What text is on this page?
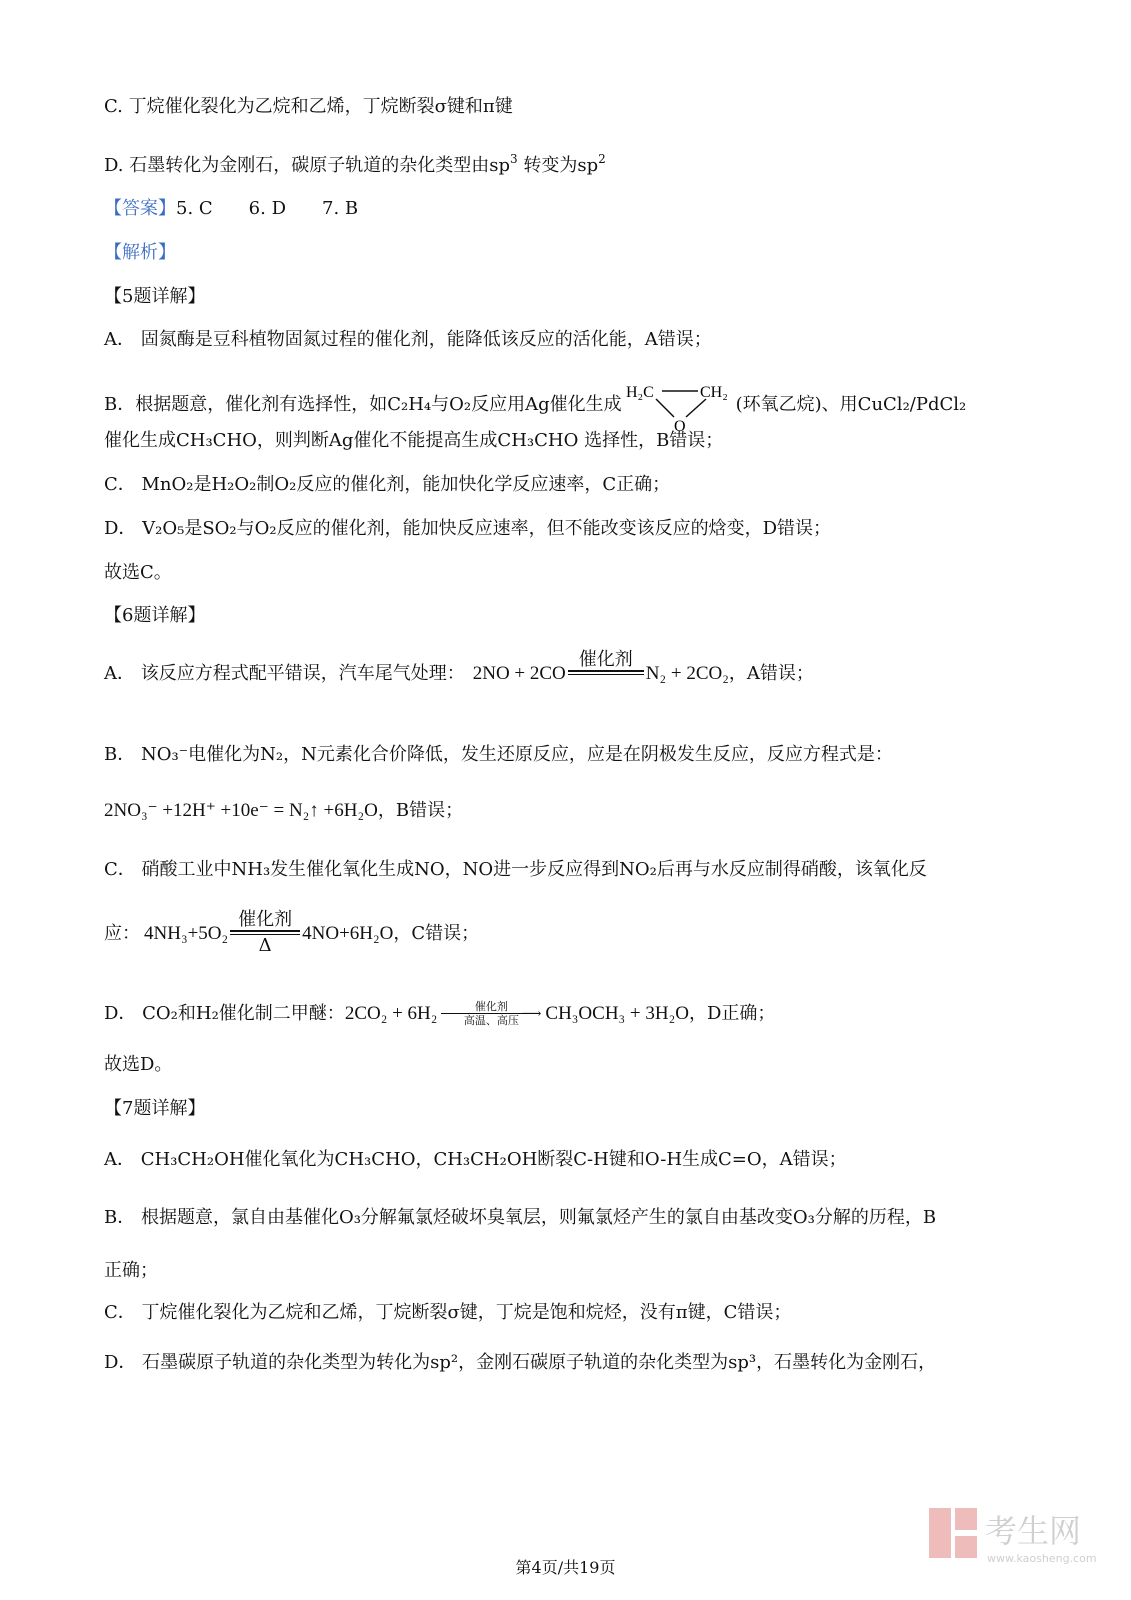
C. 丁烷催化裂化为乙烷和乙烯，丁烷断裂σ键和π键
D. 石墨转化为金刚石，碳原子轨道的杂化类型由$sp^3$ 转变为$sp^2$
【答案】5. C　　6. D　　7. B
【解析】
【5题详解】
A． 固氮酶是豆科植物固氮过程的催化剂，能降低该反应的活化能，A错误；
B．根据题意，催化剂有选择性，如C₂H₄与O₂反应用Ag催化生成
H₂C	CH₂
O
(环氧乙烷)、用CuCl₂/PdCl₂
催化生成CH₃CHO，则判断Ag催化不能提高生成CH₃CHO 选择性，B错误；
C． MnO₂是H₂O₂制O₂反应的催化剂，能加快化学反应速率，C正确；
D． V₂O₅是SO₂与O₂反应的催化剂，能加快反应速率，但不能改变该反应的焓变，D错误；
故选C。
【6题详解】
A． 该反应方程式配平错误，汽车尾气处理： 2NO + 2CO
催化剂

N₂ + 2CO₂ ，A错误；
B． NO₃⁻电催化为N₂，N元素化合价降低，发生还原反应，应是在阴极发生反应，反应方程式是：
2NO₃⁻ +12H⁺ +10e⁻ = N₂↑ +6H₂O，B错误；
C． 硝酸工业中NH₃发生催化氧化生成NO，NO进一步反应得到NO₂后再与水反应制得硝酸，该氧化反
应： 4NH₃+5O₂
催化剂
Δ
4NO+6H₂O ，C错误；
D． CO₂和H₂催化制二甲醚： 2CO₂ + 6H₂	催化剂 ⟶
高温、高压	CH₃OCH₃ + 3H₂O ，D正确；
故选D。
【7题详解】
A． CH₃CH₂OH催化氧化为CH₃CHO，CH₃CH₂OH断裂C-H键和O-H生成C=O，A错误；
B． 根据题意，氯自由基催化O₃分解氟氯烃破坏臭氧层，则氟氯烃产生的氯自由基改变O₃分解的历程，B
正确；
C． 丁烷催化裂化为乙烷和乙烯，丁烷断裂σ键，丁烷是饱和烷烃，没有π键，C错误；
D． 石墨碳原子轨道的杂化类型为转化为sp²，金刚石碳原子轨道的杂化类型为sp³，石墨转化为金刚石，
第4页/共19页
考生网
www.kaosheng.com
